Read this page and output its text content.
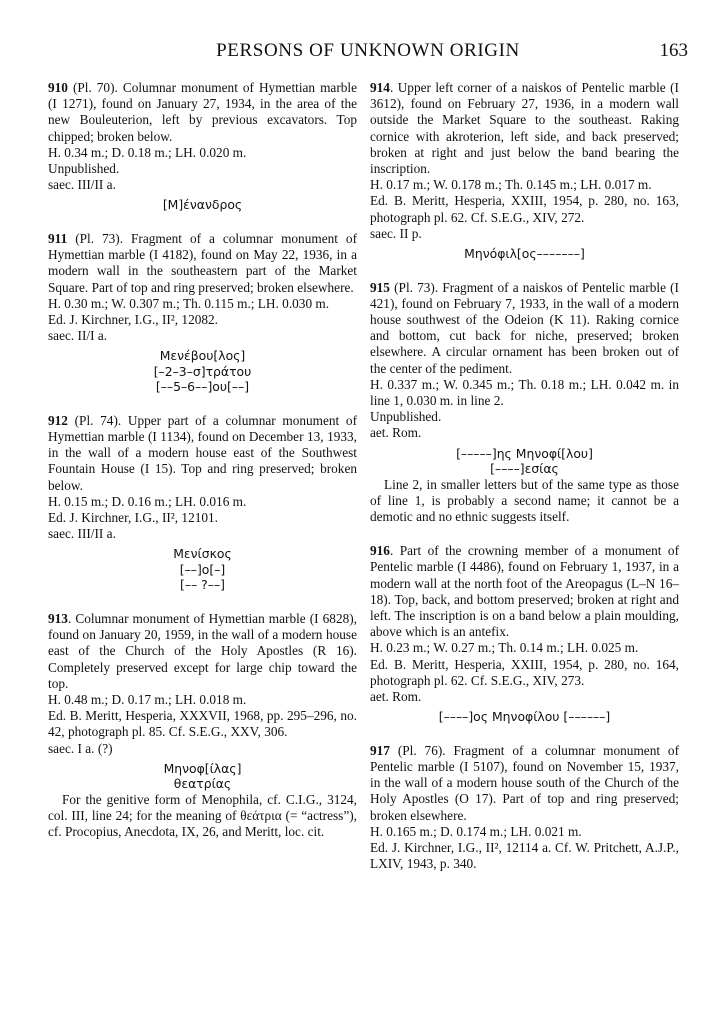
PERSONS OF UNKNOWN ORIGIN	163

910 (Pl. 70). Columnar monument of Hymettian marble (I 1271), found on January 27, 1934, in the area of the new Bouleuterion, left by previous excavators. Top chipped; broken below.

H. 0.34 m.; D. 0.18 m.; LH. 0.020 m.

Unpublished.

saec. III/II a.

[Μ]ένανδρος

911 (Pl. 73). Fragment of a columnar monument of Hymettian marble (I 4182), found on May 22, 1936, in a modern wall in the southeastern part of the Market Square. Part of top and ring preserved; broken elsewhere.

H. 0.30 m.; W. 0.307 m.; Th. 0.115 m.; LH. 0.030 m.

Ed. J. Kirchner, I.G., II², 12082.

saec. II/I a.

Μενέβου[λος]
[–2–3–σ]τράτου
[––5–6––]ου[––]

912 (Pl. 74). Upper part of a columnar monument of Hymettian marble (I 1134), found on December 13, 1933, in the wall of a modern house east of the Southwest Fountain House (I 15). Top and ring preserved; broken below.

H. 0.15 m.; D. 0.16 m.; LH. 0.016 m.

Ed. J. Kirchner, I.G., II², 12101.

saec. III/II a.

Μενίσκος
[––]ο[–]
[–– ?––]

913. Columnar monument of Hymettian marble (I 6828), found on January 20, 1959, in the wall of a modern house east of the Church of the Holy Apostles (R 16). Completely preserved except for large chip toward the top.

H. 0.48 m.; D. 0.17 m.; LH. 0.018 m.

Ed. B. Meritt, Hesperia, XXXVII, 1968, pp. 295–296, no. 42, photograph pl. 85. Cf. S.E.G., XXV, 306.

saec. I a. (?)

Μηνοφ[ίλας]
θεατρίας

For the genitive form of Menophila, cf. C.I.G., 3124, col. III, line 24; for the meaning of θεάτρια (= “actress”), cf. Procopius, Anecdota, IX, 26, and Meritt, loc. cit.

914. Upper left corner of a naiskos of Pentelic marble (I 3612), found on February 27, 1936, in a modern wall outside the Market Square to the southeast. Raking cornice with akroterion, left side, and back preserved; broken at right and just below the band bearing the inscription.

H. 0.17 m.; W. 0.178 m.; Th. 0.145 m.; LH. 0.017 m.

Ed. B. Meritt, Hesperia, XXIII, 1954, p. 280, no. 163, photograph pl. 62. Cf. S.E.G., XIV, 272.

saec. II p.

Μηνόφιλ[ος–––––––]

915 (Pl. 73). Fragment of a naiskos of Pentelic marble (I 421), found on February 7, 1933, in the wall of a modern house southwest of the Odeion (K 11). Raking cornice and bottom, cut back for niche, preserved; broken elsewhere. A circular ornament has been broken out of the center of the pediment.

H. 0.337 m.; W. 0.345 m.; Th. 0.18 m.; LH. 0.042 m. in line 1, 0.030 m. in line 2.

Unpublished.

aet. Rom.

[–––––]ης Μηνοφί[λου]
[––––]εσίας

Line 2, in smaller letters but of the same type as those of line 1, is probably a second name; it cannot be a demotic and no ethnic suggests itself.

916. Part of the crowning member of a monument of Pentelic marble (I 4486), found on February 1, 1937, in a modern wall at the north foot of the Areopagus (L–N 16–18). Top, back, and bottom preserved; broken at right and left. The inscription is on a band below a plain moulding, above which is an antefix.

H. 0.23 m.; W. 0.27 m.; Th. 0.14 m.; LH. 0.025 m.

Ed. B. Meritt, Hesperia, XXIII, 1954, p. 280, no. 164, photograph pl. 62. Cf. S.E.G., XIV, 273.

aet. Rom.

[––––]ος Μηνοφίλου [––––––]

917 (Pl. 76). Fragment of a columnar monument of Pentelic marble (I 5107), found on November 15, 1937, in the wall of a modern house south of the Church of the Holy Apostles (O 17). Part of top and ring preserved; broken elsewhere.

H. 0.165 m.; D. 0.174 m.; LH. 0.021 m.

Ed. J. Kirchner, I.G., II², 12114 a. Cf. W. Pritchett, A.J.P., LXIV, 1943, p. 340.
